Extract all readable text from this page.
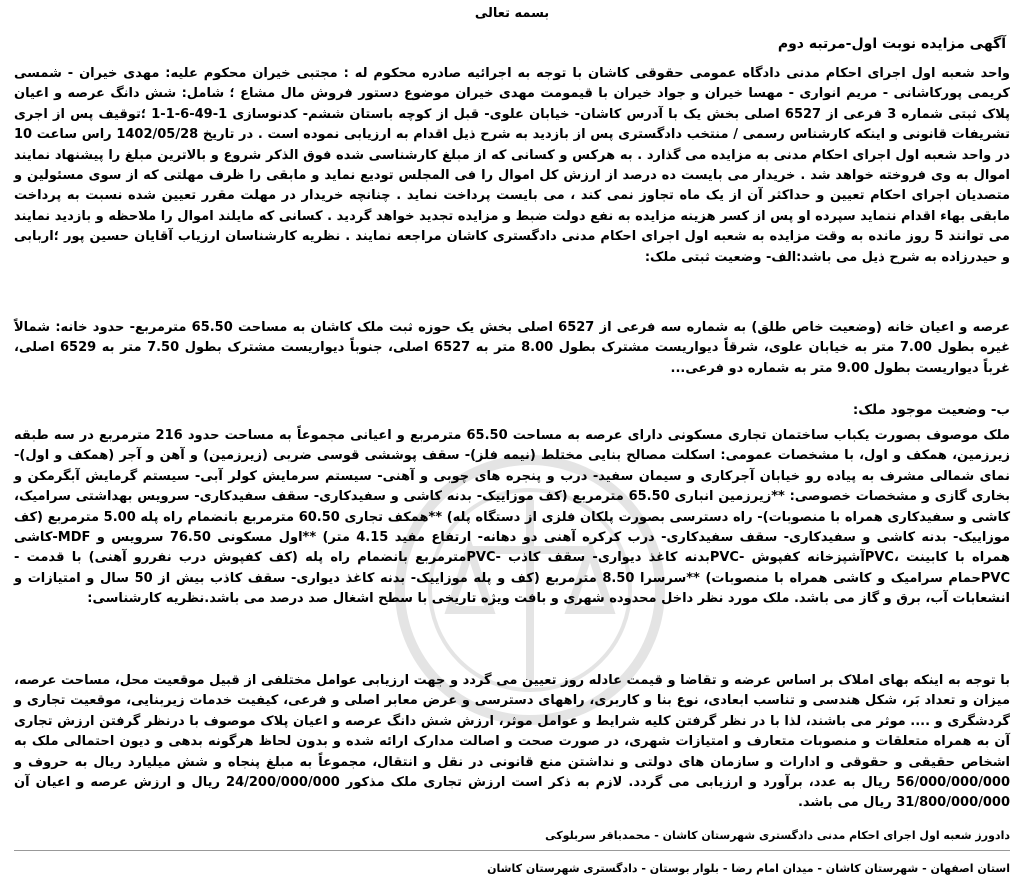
بسمه تعالی
آگهی مزایده نوبت اول-مرتبه دوم
واحد شعبه اول اجرای احکام مدنی دادگاه عمومی حقوقی کاشان با توجه به اجرائیه صادره محکوم له : مجتبی خیران محکوم علیه: مهدی خیران - شمسی کریمی پورکاشانی - مریم انواری - مهسا خیران و جواد خیران با قیمومت مهدی خیران موضوع دستور فروش مال مشاع ؛ شامل: شش دانگ عرصه و اعیان پلاک ثبتی شماره 3 فرعی از 6527 اصلی بخش یک با آدرس کاشان- خیابان علوی- قبل از کوچه باستان ششم- کدنوسازی 1-49-6-1-1 ؛توقیف پس از اجری تشریفات قانونی و اینکه کارشناس رسمی / منتخب دادگستری پس از بازدید به شرح ذیل اقدام به ارزیابی نموده است . در تاریخ 1402/05/28 راس ساعت 10 در واحد شعبه اول اجرای احکام مدنی به مزایده می گذارد . به هرکس و کسانی که از مبلغ کارشناسی شده فوق الذکر شروع و بالاترین مبلغ را پیشنهاد نمایند اموال به وی فروخته خواهد شد . خریدار می بایست ده درصد از ارزش کل اموال را فی المجلس تودیع نماید و مابقی را ظرف مهلتی که از سوی مسئولین و متصدیان اجرای احکام تعیین و حداکثر آن از یک ماه تجاوز نمی کند ، می بایست پرداخت نماید . چنانچه خریدار در مهلت مقرر تعیین شده نسبت به پرداخت مابقی بهاء اقدام ننماید سپرده او پس از کسر هزینه مزایده به نفع دولت ضبط و مزایده تجدید خواهد گردید . کسانی که مایلند اموال را ملاحظه و بازدید نمایند می توانند 5 روز مانده به وقت مزایده به شعبه اول اجرای احکام مدنی دادگستری کاشان مراجعه نمایند . نظریه کارشناسان ارزیاب آقایان حسین پور ؛اربابی و حیدرزاده به شرح ذیل می باشد:الف- وضعیت ثبتی ملک:
عرصه و اعیان خانه (وضعیت خاص طلق) به شماره سه فرعی از 6527 اصلی بخش یک حوزه ثبت ملک کاشان به مساحت 65.50 مترمربع- حدود خانه: شمالاً غیره بطول 7.00 متر به خیابان علوی، شرقاً دیواریست مشترک بطول 8.00 متر به 6527 اصلی، جنوباً دیواریست مشترک بطول 7.50 متر به 6529 اصلی، غرباً دیواریست بطول 9.00 متر به شماره دو فرعی...
ب- وضعیت موجود ملک:
ملک موصوف بصورت یکباب ساختمان تجاری مسکونی دارای عرصه به مساحت 65.50 مترمربع و اعیانی مجموعاً به مساحت حدود 216 مترمربع در سه طبقه زیرزمین، همکف و اول، با مشخصات عمومی: اسکلت مصالح بنایی مختلط (نیمه فلز)- سقف پوششی قوسی ضربی (زیرزمین) و آهن و آجر (همکف و اول)- نمای شمالی مشرف به پیاده رو خیابان آجرکاری و سیمان سفید- درب و پنجره های چوبی و آهنی- سیستم سرمایش کولر آبی- سیستم گرمایش آبگرمکن و بخاری گازی و مشخصات خصوصی: **زیرزمین انباری 65.50 مترمربع (کف موزاییک- بدنه کاشی و سفیدکاری- سقف سفیدکاری- سرویس بهداشتی سرامیک، کاشی و سفیدکاری همراه با منصوبات)- راه دسترسی بصورت پلکان فلزی از دستگاه پله) **همکف تجاری 60.50 مترمربع بانضمام راه پله 5.00 مترمربع (کف موزاییک- بدنه کاشی و سفیدکاری- سقف سفیدکاری- درب کرکره آهنی دو دهانه- ارتفاع مفید 4.15 متر) **اول مسکونی 76.50 سرویس و MDF-کاشی همراه با کابینت ،PVCآشپزخانه کفپوش -PVCبدنه کاغذ دیواری- سقف کاذب -PVCمترمربع بانضمام راه پله (کف کفپوش درب نفررو آهنی) با قدمت -PVCحمام سرامیک و کاشی همراه با منصوبات) **سرسرا 8.50 مترمربع (کف و پله موزاییک- بدنه کاغذ دیواری- سقف کاذب بیش از 50 سال و امتیازات و انشعابات آب، برق و گاز می باشد. ملک مورد نظر داخل محدوده شهری و بافت ویژه تاریخی با سطح اشغال صد درصد می باشد.نظریه کارشناسی:
با توجه به اینکه بهای املاک بر اساس عرضه و تقاضا و قیمت عادله روز تعیین می گردد و جهت ارزیابی عوامل مختلفی از قبیل موقعیت محل، مساحت عرصه، میزان و تعداد بَر، شکل هندسی و تناسب ابعادی، نوع بنا و کاربری، راههای دسترسی و عرض معابر اصلی و فرعی، کیفیت خدمات زیربنایی، موقعیت تجاری و گردشگری و .... موثر می باشند، لذا با در نظر گرفتن کلیه شرایط و عوامل موثر، ارزش شش دانگ عرصه و اعیان پلاک موصوف با درنظر گرفتن ارزش تجاری آن به همراه متعلقات و منصوبات متعارف و امتیازات شهری، در صورت صحت و اصالت مدارک ارائه شده و بدون لحاظ هرگونه بدهی و دیون احتمالی ملک به اشخاص حقیقی و حقوقی و ادارات و سازمان های دولتی و نداشتن منع قانونی در نقل و انتقال، مجموعاً به مبلغ پنجاه و شش میلیارد ریال به حروف و 56/000/000/000 ریال به عدد، برآورد و ارزیابی می گردد. لازم به ذکر است ارزش تجاری ملک مذکور 24/200/000/000 ریال و ارزش عرصه و اعیان آن 31/800/000/000 ریال می باشد.
دادورز شعبه اول اجرای احکام مدنی دادگستری شهرستان کاشان - محمدباقر سربلوکی
استان اصفهان - شهرستان کاشان - میدان امام رضا - بلوار بوستان - دادگستری شهرستان کاشان
